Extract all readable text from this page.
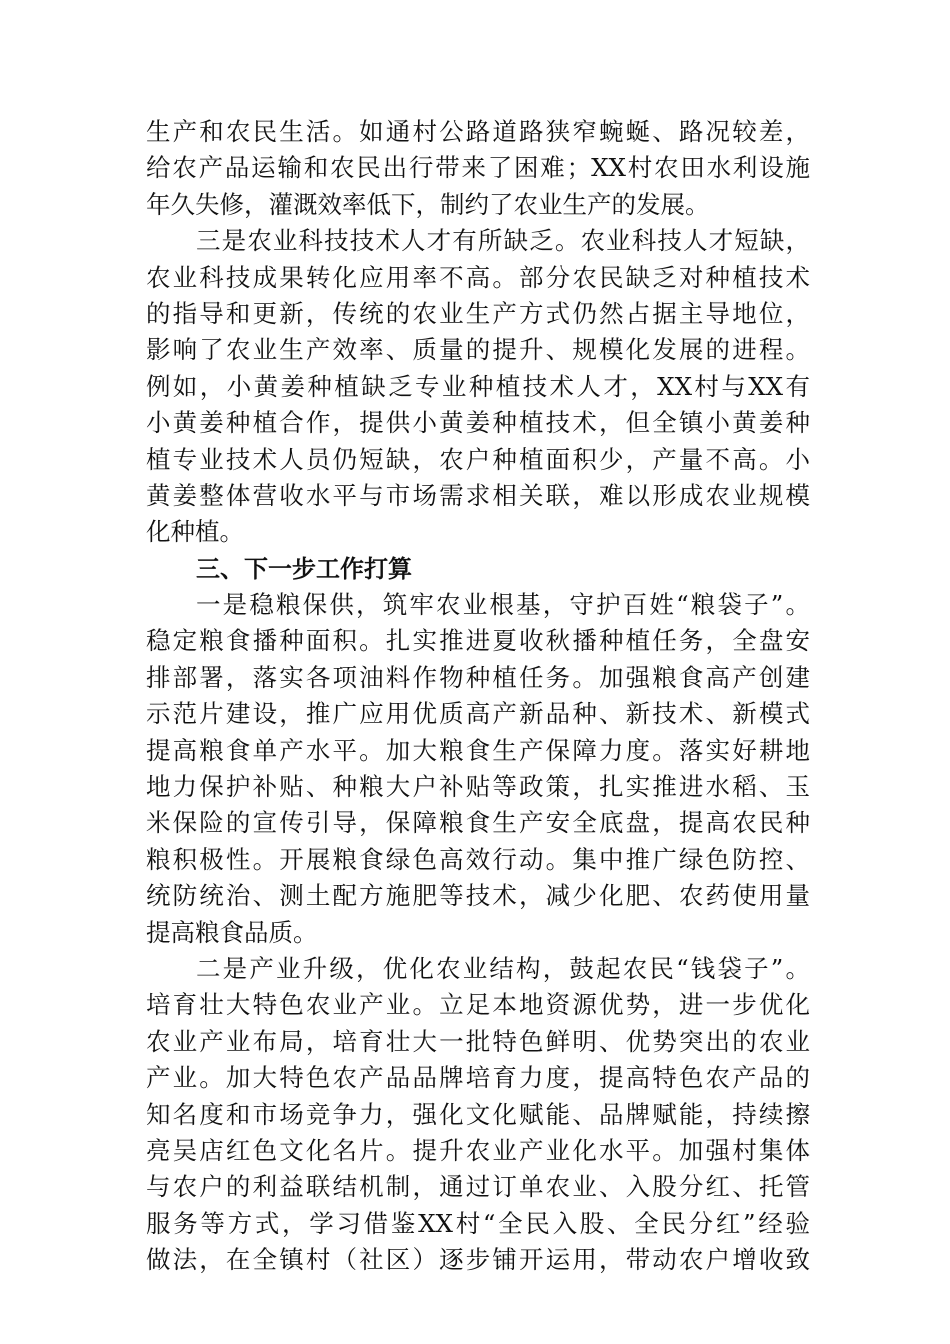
生产和农民生活。如通村公路道路狭窄蜿蜒、路况较差，
给农产品运输和农民出行带来了困难；XX村农田水利设施
年久失修，灌溉效率低下，制约了农业生产的发展。
三是农业科技技术人才有所缺乏。农业科技人才短缺，
农业科技成果转化应用率不高。部分农民缺乏对种植技术
的指导和更新，传统的农业生产方式仍然占据主导地位，
影响了农业生产效率、质量的提升、规模化发展的进程。
例如，小黄姜种植缺乏专业种植技术人才，XX村与XX有
小黄姜种植合作，提供小黄姜种植技术，但全镇小黄姜种
植专业技术人员仍短缺，农户种植面积少，产量不高。小
黄姜整体营收水平与市场需求相关联，难以形成农业规模
化种植。
三、下一步工作打算
一是稳粮保供，筑牢农业根基，守护百姓“粮袋子”。
稳定粮食播种面积。扎实推进夏收秋播种植任务，全盘安
排部署，落实各项油料作物种植任务。加强粮食高产创建
示范片建设，推广应用优质高产新品种、新技术、新模式
提高粮食单产水平。加大粮食生产保障力度。落实好耕地
地力保护补贴、种粮大户补贴等政策，扎实推进水稻、玉
米保险的宣传引导，保障粮食生产安全底盘，提高农民种
粮积极性。开展粮食绿色高效行动。集中推广绿色防控、
统防统治、测土配方施肥等技术，减少化肥、农药使用量
提高粮食品质。
二是产业升级，优化农业结构，鼓起农民“钱袋子”。
培育壮大特色农业产业。立足本地资源优势，进一步优化
农业产业布局，培育壮大一批特色鲜明、优势突出的农业
产业。加大特色农产品品牌培育力度，提高特色农产品的
知名度和市场竞争力，强化文化赋能、品牌赋能，持续擦
亮吴店红色文化名片。提升农业产业化水平。加强村集体
与农户的利益联结机制，通过订单农业、入股分红、托管
服务等方式，学习借鉴XX村“全民入股、全民分红”经验
做法，在全镇村（社区）逐步铺开运用，带动农户增收致
